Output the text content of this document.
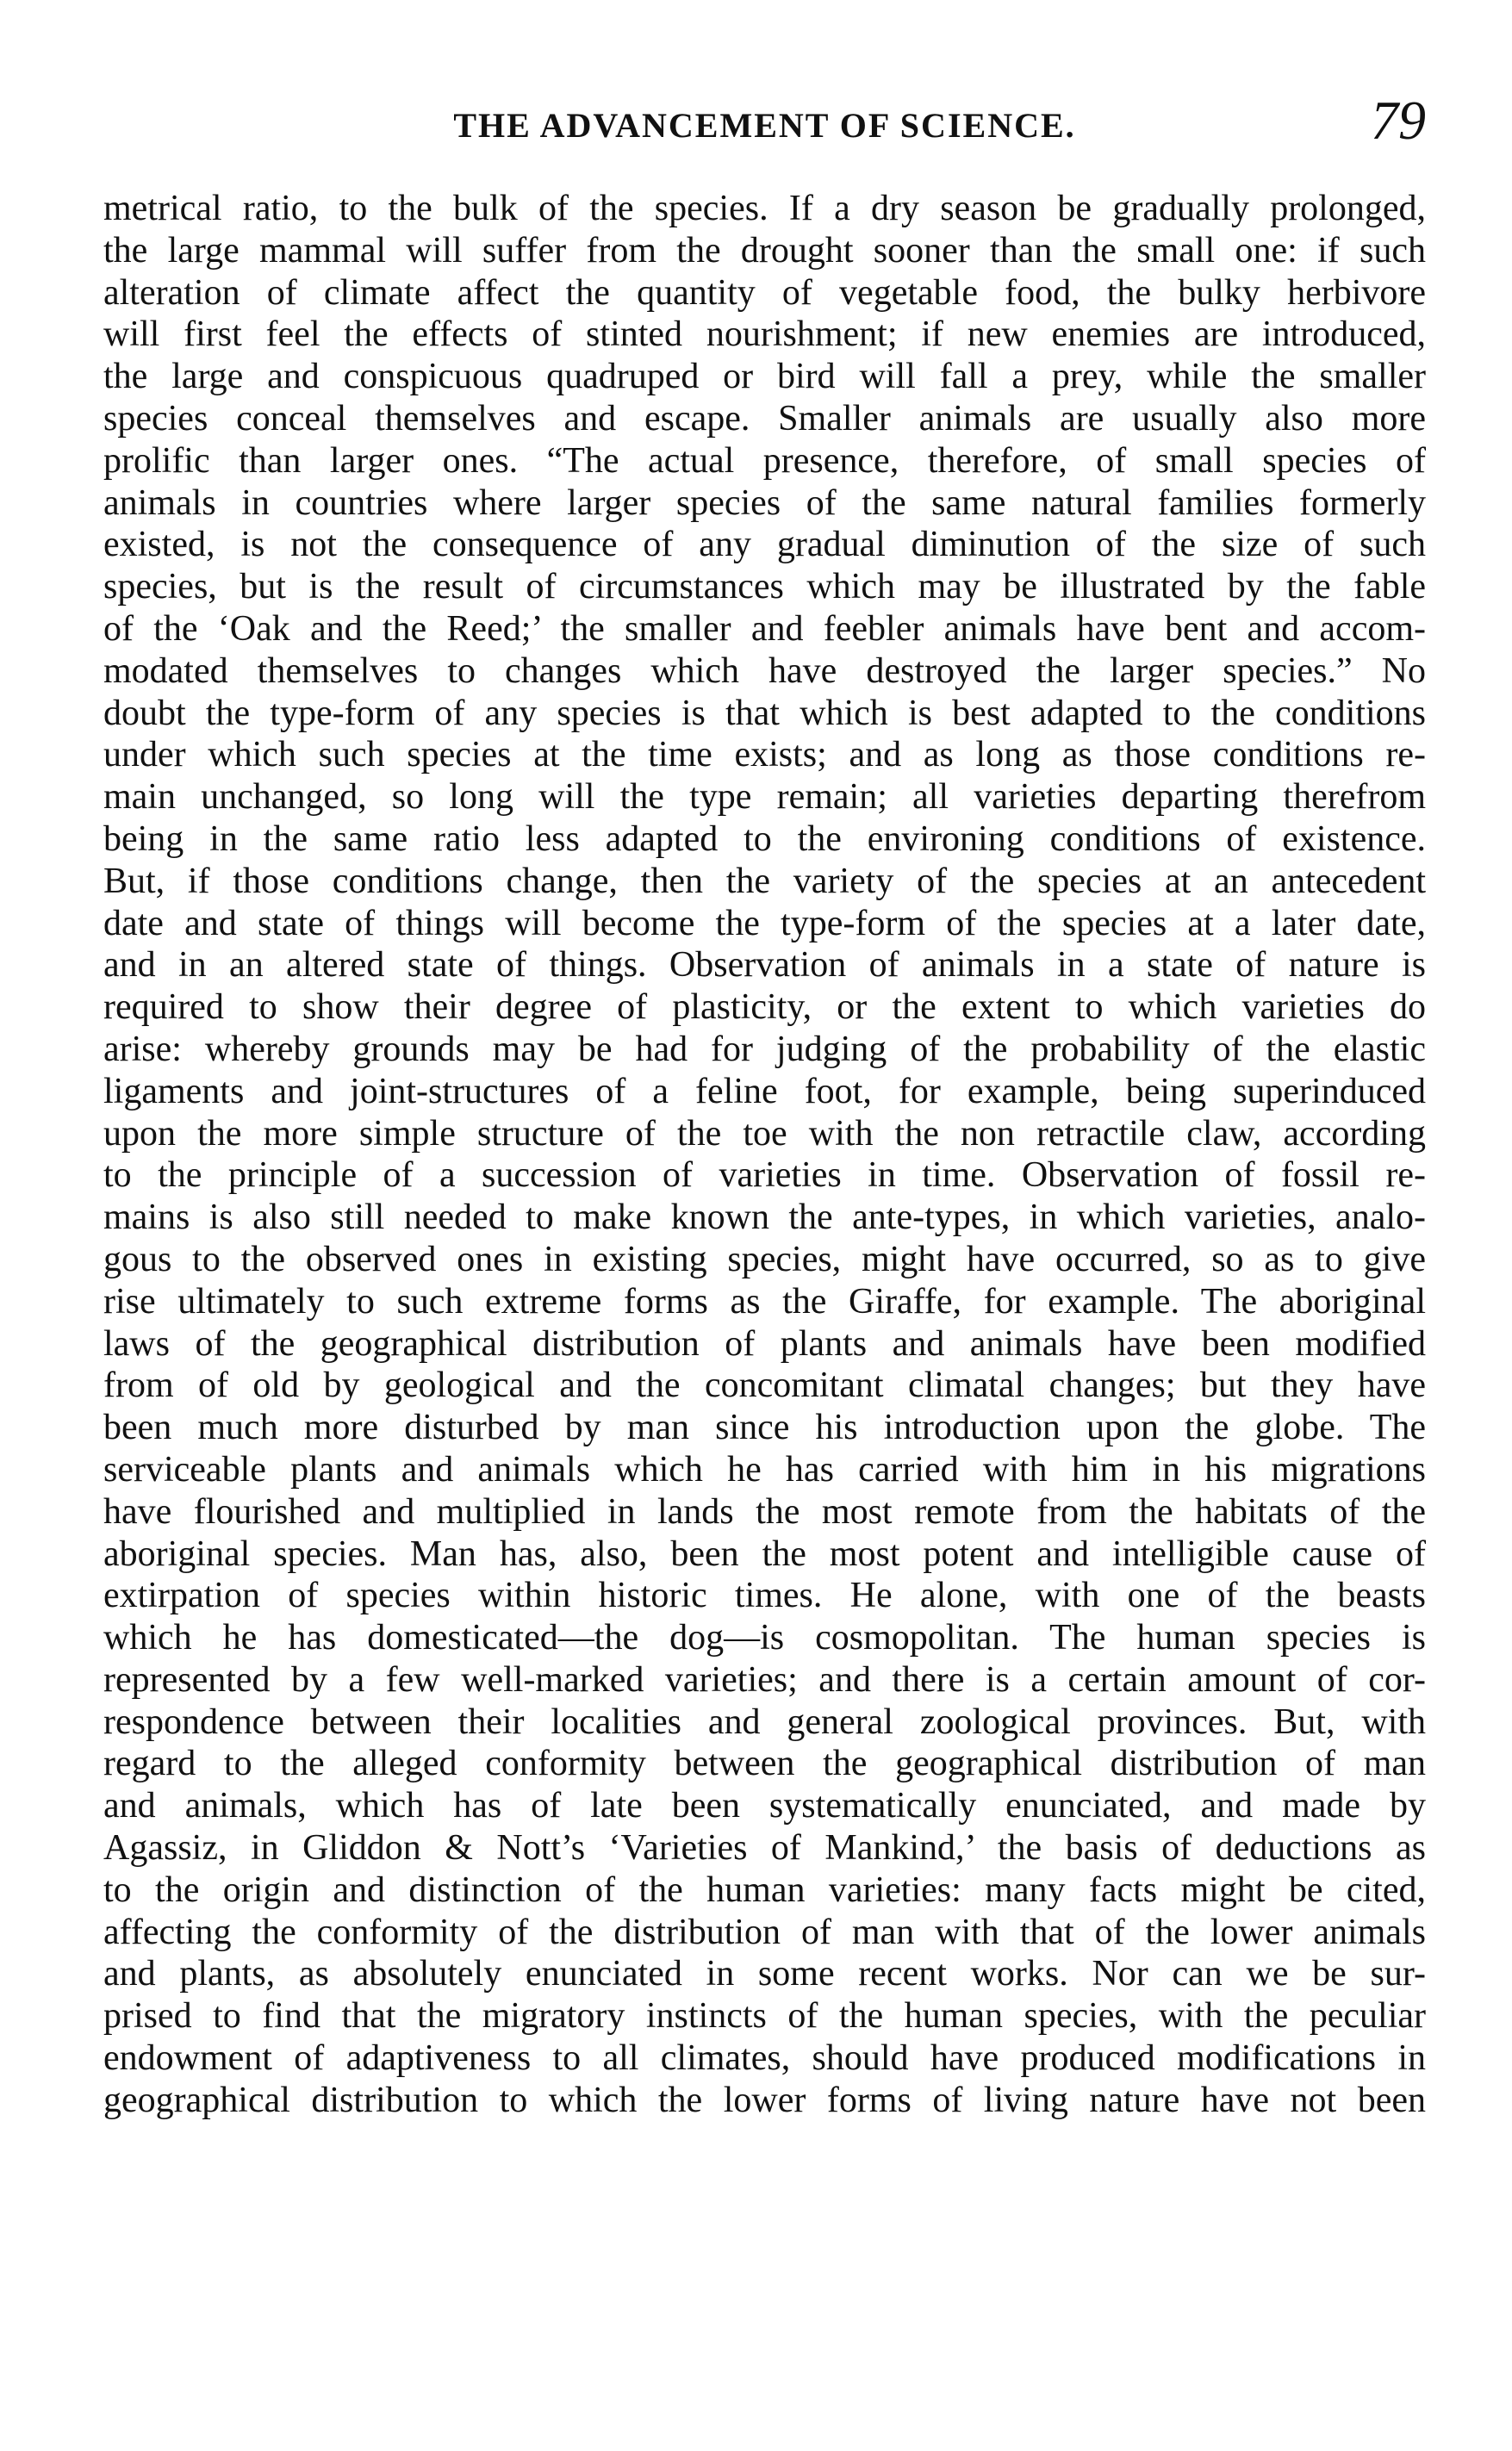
THE ADVANCEMENT OF SCIENCE.	79
metrical ratio, to the bulk of the species. If a dry season be gradually prolonged,
the large mammal will suffer from the drought sooner than the small one: if such
alteration of climate affect the quantity of vegetable food, the bulky herbivore
will first feel the effects of stinted nourishment; if new enemies are introduced,
the large and conspicuous quadruped or bird will fall a prey, while the smaller
species conceal themselves and escape. Smaller animals are usually also more
prolific than larger ones. “The actual presence, therefore, of small species of
animals in countries where larger species of the same natural families formerly
existed, is not the consequence of any gradual diminution of the size of such
species, but is the result of circumstances which may be illustrated by the fable
of the ‘Oak and the Reed;’ the smaller and feebler animals have bent and accom-
modated themselves to changes which have destroyed the larger species.” No
doubt the type-form of any species is that which is best adapted to the conditions
under which such species at the time exists; and as long as those conditions re-
main unchanged, so long will the type remain; all varieties departing therefrom
being in the same ratio less adapted to the environing conditions of existence.
But, if those conditions change, then the variety of the species at an antecedent
date and state of things will become the type-form of the species at a later date,
and in an altered state of things. Observation of animals in a state of nature is
required to show their degree of plasticity, or the extent to which varieties do
arise: whereby grounds may be had for judging of the probability of the elastic
ligaments and joint-structures of a feline foot, for example, being superinduced
upon the more simple structure of the toe with the non retractile claw, according
to the principle of a succession of varieties in time. Observation of fossil re-
mains is also still needed to make known the ante-types, in which varieties, analo-
gous to the observed ones in existing species, might have occurred, so as to give
rise ultimately to such extreme forms as the Giraffe, for example. The aboriginal
laws of the geographical distribution of plants and animals have been modified
from of old by geological and the concomitant climatal changes; but they have
been much more disturbed by man since his introduction upon the globe. The
serviceable plants and animals which he has carried with him in his migrations
have flourished and multiplied in lands the most remote from the habitats of the
aboriginal species. Man has, also, been the most potent and intelligible cause of
extirpation of species within historic times. He alone, with one of the beasts
which he has domesticated—the dog—is cosmopolitan. The human species is
represented by a few well-marked varieties; and there is a certain amount of cor-
respondence between their localities and general zoological provinces. But, with
regard to the alleged conformity between the geographical distribution of man
and animals, which has of late been systematically enunciated, and made by
Agassiz, in Gliddon & Nott’s ‘Varieties of Mankind,’ the basis of deductions as
to the origin and distinction of the human varieties: many facts might be cited,
affecting the conformity of the distribution of man with that of the lower animals
and plants, as absolutely enunciated in some recent works. Nor can we be sur-
prised to find that the migratory instincts of the human species, with the peculiar
endowment of adaptiveness to all climates, should have produced modifications in
geographical distribution to which the lower forms of living nature have not been
